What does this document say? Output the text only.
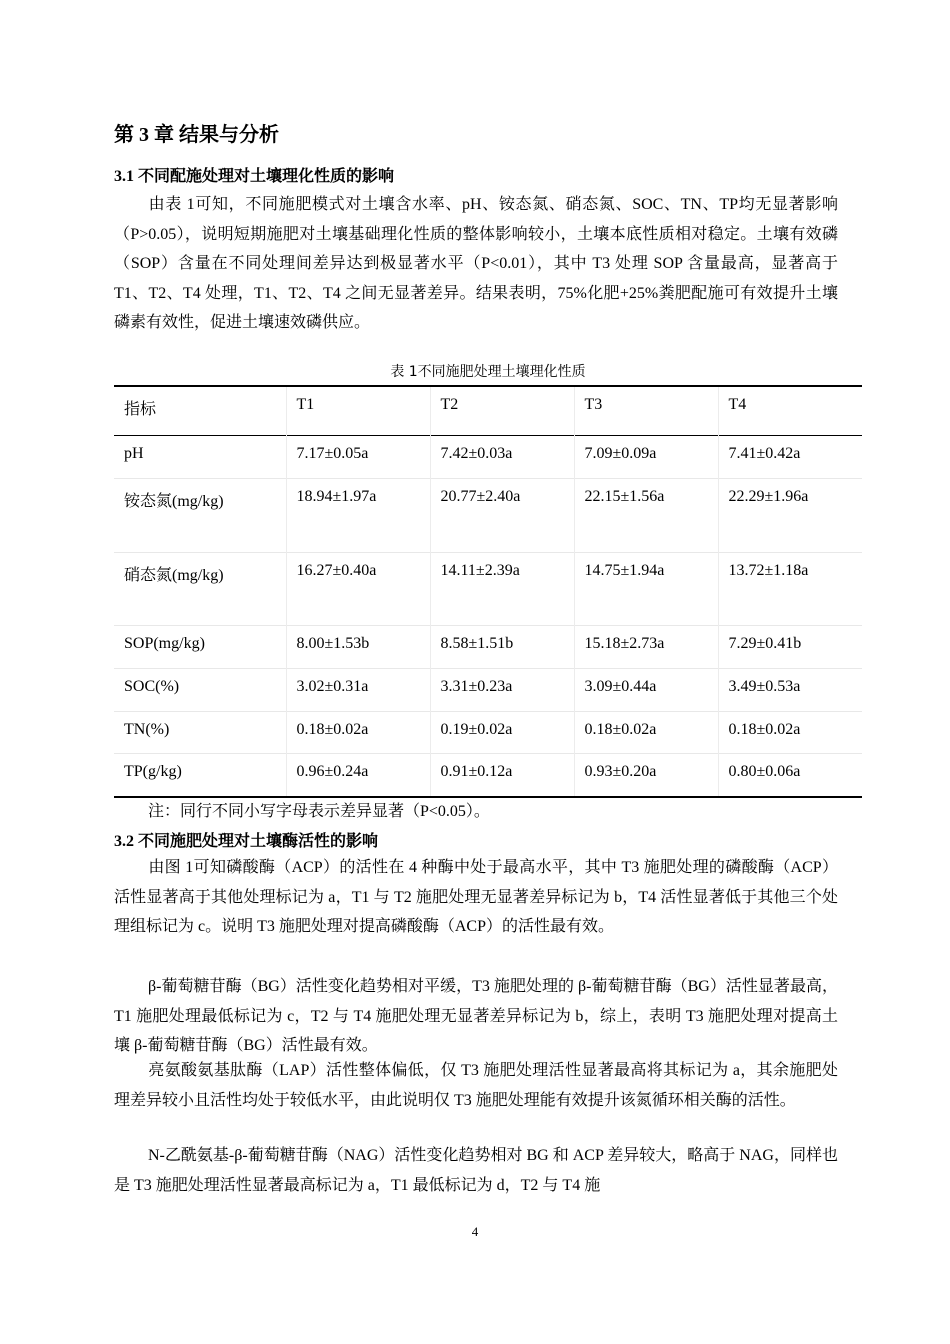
第 3 章 结果与分析
3.1 不同配施处理对土壤理化性质的影响

由表 1可知，不同施肥模式对土壤含水率、pH、铵态氮、硝态氮、SOC、TN、TP均无显著影响（P>0.05），说明短期施肥对土壤基础理化性质的整体影响较小，土壤本底性质相对稳定。土壤有效磷（SOP）含量在不同处理间差异达到极显著水平（P<0.01），其中 T3 处理 SOP 含量最高，显著高于 T1、T2、T4 处理，T1、T2、T4 之间无显著差异。结果表明，75%化肥+25%粪肥配施可有效提升土壤磷素有效性，促进土壤速效磷供应。

表 1不同施肥处理土壤理化性质
指标	T1	T2	T3	T4
pH	7.17±0.05a	7.42±0.03a	7.09±0.09a	7.41±0.42a
铵态氮(mg/kg)	18.94±1.97a	20.77±2.40a	22.15±1.56a	22.29±1.96a
硝态氮(mg/kg)	16.27±0.40a	14.11±2.39a	14.75±1.94a	13.72±1.18a
SOP(mg/kg)	8.00±1.53b	8.58±1.51b	15.18±2.73a	7.29±0.41b
SOC(%)	3.02±0.31a	3.31±0.23a	3.09±0.44a	3.49±0.53a
TN(%)	0.18±0.02a	0.19±0.02a	0.18±0.02a	0.18±0.02a
TP(g/kg)	0.96±0.24a	0.91±0.12a	0.93±0.20a	0.80±0.06a
注：同行不同小写字母表示差异显著（P<0.05）。
3.2 不同施肥处理对土壤酶活性的影响

由图 1可知磷酸酶（ACP）的活性在 4 种酶中处于最高水平，其中 T3 施肥处理的磷酸酶（ACP）活性显著高于其他处理标记为 a，T1 与 T2 施肥处理无显著差异标记为 b，T4 活性显著低于其他三个处理组标记为 c。说明 T3 施肥处理对提高磷酸酶（ACP）的活性最有效。

β-葡萄糖苷酶（BG）活性变化趋势相对平缓，T3 施肥处理的 β-葡萄糖苷酶（BG）活性显著最高，T1 施肥处理最低标记为 c，T2 与 T4 施肥处理无显著差异标记为 b，综上，表明 T3 施肥处理对提高土壤 β-葡萄糖苷酶（BG）活性最有效。

亮氨酸氨基肽酶（LAP）活性整体偏低，仅 T3 施肥处理活性显著最高将其标记为 a，其余施肥处理差异较小且活性均处于较低水平，由此说明仅 T3 施肥处理能有效提升该氮循环相关酶的活性。

N-乙酰氨基-β-葡萄糖苷酶（NAG）活性变化趋势相对 BG 和 ACP 差异较大，略高于 NAG，同样也是 T3 施肥处理活性显著最高标记为 a，T1 最低标记为 d，T2 与 T4 施

4
